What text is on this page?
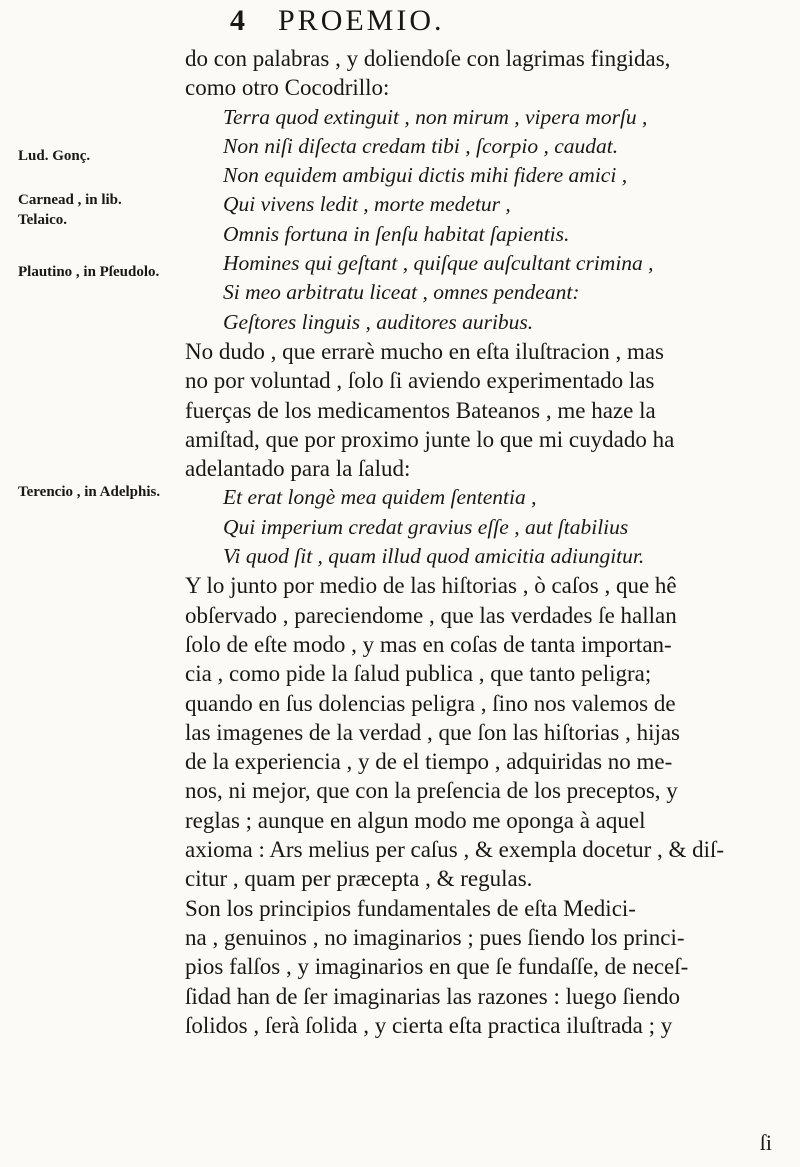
4 PROEMIO.
Lud. Gonç.
Carnead , in lib. Telaico.
Plautino , in Pſeudolo.
Terencio , in Adelphis.
do con palabras , y doliendoſe con lagrimas fingidas,
como otro Cocodrillo:
Terra quod extinguit , non mirum , vipera morſu ,
Non niſi diſecta credam tibi , ſcorpio , caudat.
Non equidem ambigui dictis mihi fidere amici ,
Qui vivens ledit , morte medetur ,
Omnis fortuna in ſenſu habitat ſapientis.
Homines qui geſtant , quiſque auſcultant crimina ,
Si meo arbitratu liceat , omnes pendeant:
Geſtores linguis , auditores auribus.
No dudo , que errarè mucho en eſta iluſtracion , mas
no por voluntad , ſolo ſi aviendo experimentado las
fuerças de los medicamentos Bateanos , me haze la
amiſtad, que por proximo junte lo que mi cuydado ha
adelantado para la ſalud:
Et erat longè mea quidem ſententia ,
Qui imperium credat gravius eſſe , aut ſtabilius
Vi quod ſit , quam illud quod amicitia adiungitur.
Y lo junto por medio de las hiſtorias , ò caſos , que hê
obſervado , pareciendome , que las verdades ſe hallan
ſolo de eſte modo , y mas en coſas de tanta importan-
cia , como pide la ſalud publica , que tanto peligra;
quando en ſus dolencias peligra , ſino nos valemos de
las imagenes de la verdad , que ſon las hiſtorias , hijas
de la experiencia , y de el tiempo , adquiridas no me-
nos, ni mejor, que con la preſencia de los preceptos, y
reglas ; aunque en algun modo me oponga à aquel
axioma : Ars melius per caſus , & exempla docetur , & diſ-
citur , quam per præcepta , & regulas.
Son los principios fundamentales de eſta Medici-
na , genuinos , no imaginarios ; pues ſiendo los princi-
pios falſos , y imaginarios en que ſe fundaſſe, de neceſ-
ſidad han de ſer imaginarias las razones : luego ſiendo
ſolidos , ſerà ſolida , y cierta eſta practica iluſtrada ; y
ſi
